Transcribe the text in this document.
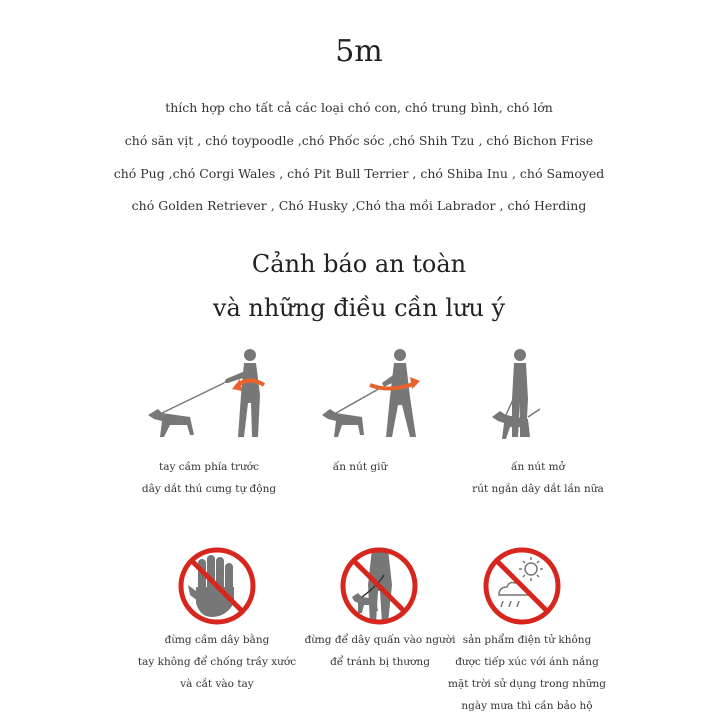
5m
thích hợp cho tất cả các loại chó con, chó trung bình, chó lớn
chó săn vịt , chó toypoodle ,chó Phốc sóc ,chó Shih Tzu , chó Bichon Frise
chó Pug ,chó Corgi Wales , chó Pit Bull Terrier , chó Shiba Inu , chó Samoyed
chó Golden Retriever , Chó Husky ,Chó tha mồi Labrador , chó Herding
Cảnh báo an toàn
và những điều cần lưu ý
tay cầm phía trước
dây dắt thú cưng tự động
ấn nút giữ	ấn nút mở
rút ngắn dây dắt lần nữa
đừng cầm dây bằng
tay không để chống trầy xước
và cắt vào tay
đừng để dây quấn vào người
để tránh bị thương
sản phẩm điện tử không
được tiếp xúc với ánh nắng
mặt trời sử dụng trong những
ngày mưa thì cần bảo hộ
